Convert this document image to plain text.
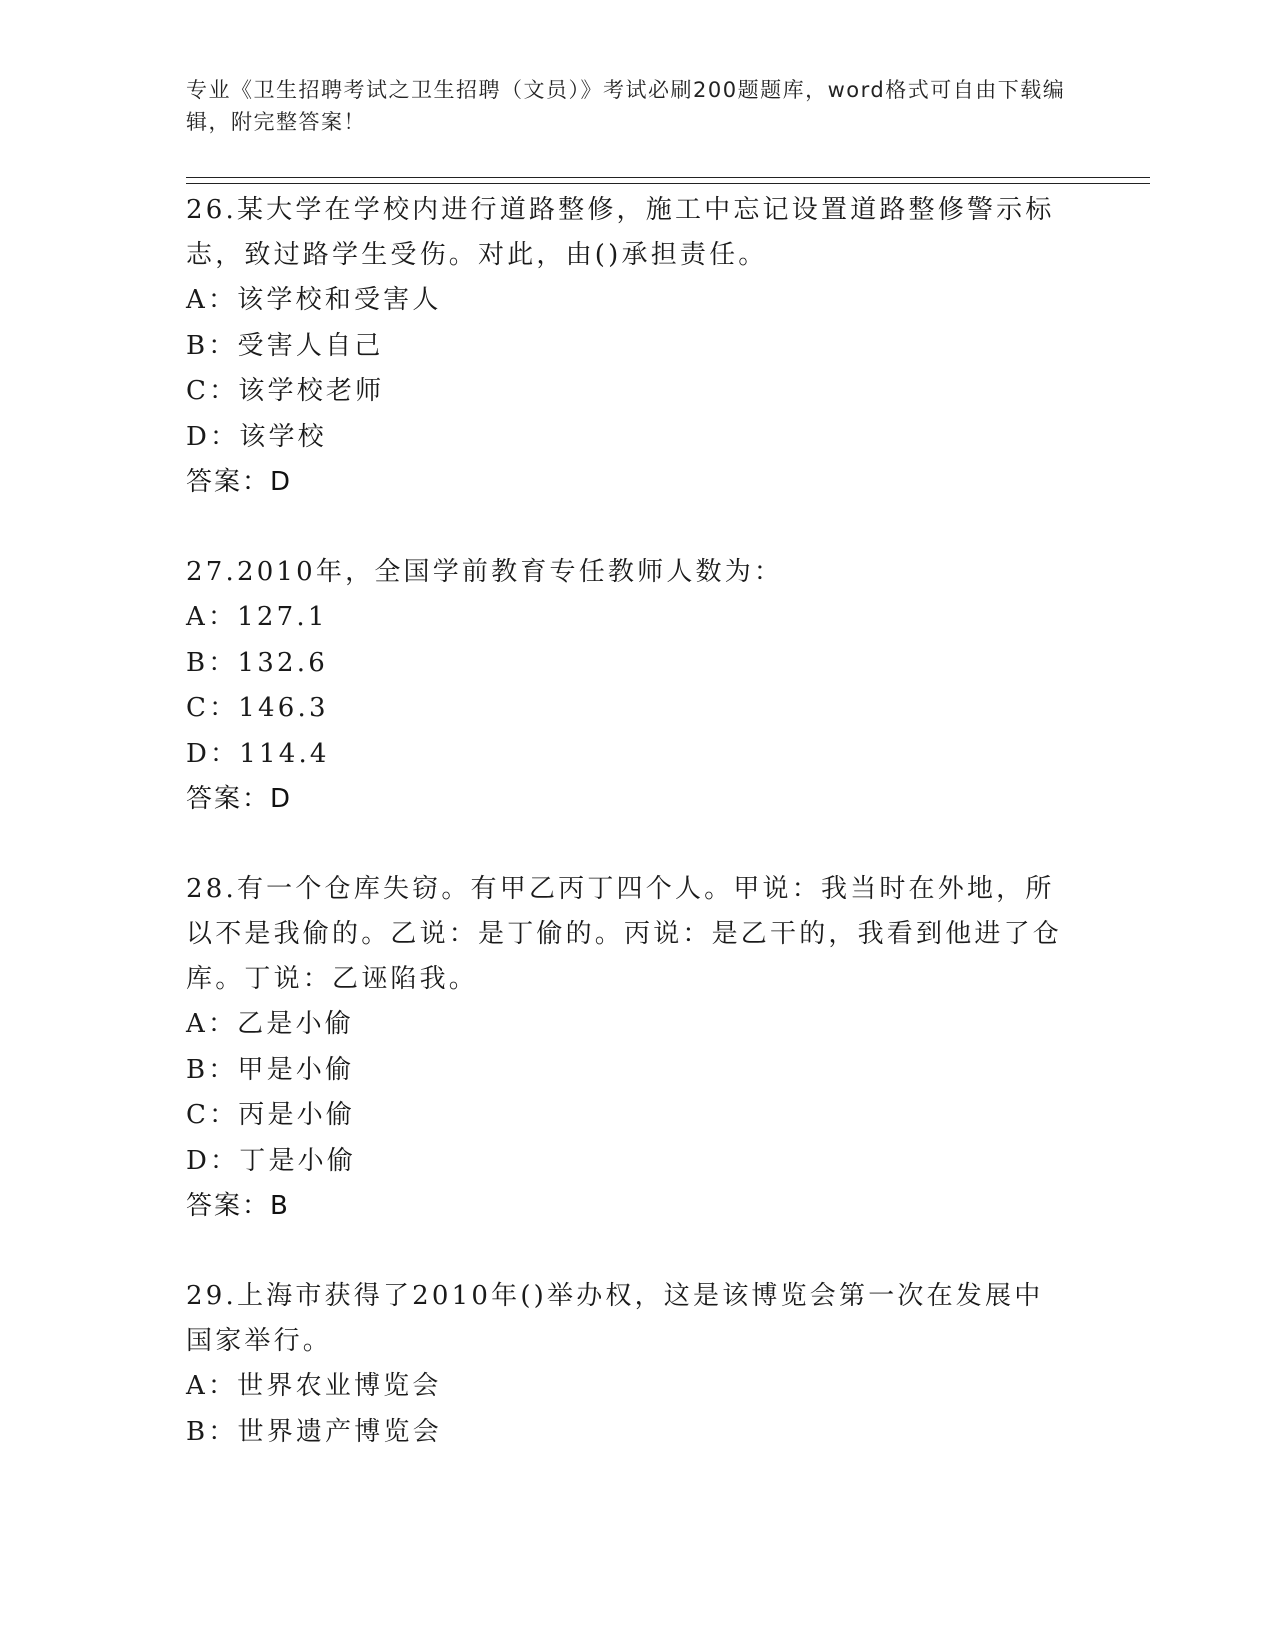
专业《卫生招聘考试之卫生招聘（文员）》考试必刷200题题库，word格式可自由下载编辑，附完整答案！

26.某大学在学校内进行道路整修，施工中忘记设置道路整修警示标志，致过路学生受伤。对此，由()承担责任。

A：该学校和受害人

B：受害人自己

C：该学校老师

D：该学校

答案：D

27.2010年，全国学前教育专任教师人数为：

A：127.1

B：132.6

C：146.3

D：114.4

答案：D

28.有一个仓库失窃。有甲乙丙丁四个人。甲说：我当时在外地，所以不是我偷的。乙说：是丁偷的。丙说：是乙干的，我看到他进了仓库。丁说：乙诬陷我。

A：乙是小偷

B：甲是小偷

C：丙是小偷

D：丁是小偷

答案：B

29.上海市获得了2010年()举办权，这是该博览会第一次在发展中国家举行。

A：世界农业博览会

B：世界遗产博览会
